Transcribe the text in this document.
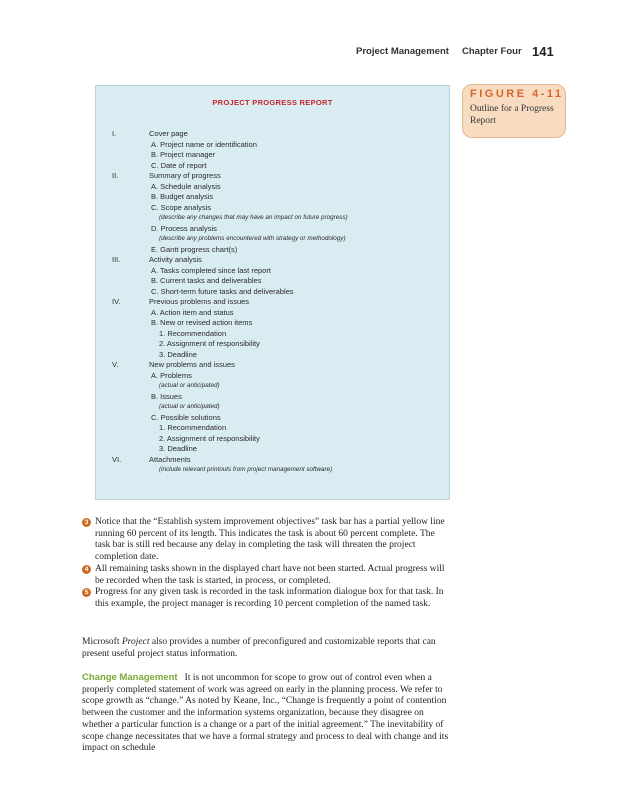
Project Management Chapter Four 141
PROJECT PROGRESS REPORT
I.	Cover page
A. Project name or identification
B. Project manager
C. Date of report
II.	Summary of progress
A. Schedule analysis
B. Budget analysis
C. Scope analysis
(describe any changes that may have an impact on future progress)
D. Process analysis
(describe any problems encountered with strategy or methodology)
E. Gantt progress chart(s)
III.	Activity analysis
A. Tasks completed since last report
B. Current tasks and deliverables
C. Short-term future tasks and deliverables
IV.	Previous problems and issues
A. Action item and status
B. New or revised action items
1. Recommendation
2. Assignment of responsibility
3. Deadline
V.	New problems and issues
A. Problems
(actual or anticipated)
B. Issues
(actual or anticipated)
C. Possible solutions
1. Recommendation
2. Assignment of responsibility
3. Deadline
VI.	Attachments
(include relevant printouts from project management software)
FIGURE 4-11
Outline for a Progress Report

3 Notice that the “Establish system improvement objectives” task bar has a partial yellow line running 60 percent of its length. This indicates the task is about 60 percent complete. The task bar is still red because any delay in completing the task will threaten the project completion date.

4 All remaining tasks shown in the displayed chart have not been started. Actual progress will be recorded when the task is started, in process, or completed.

5 Progress for any given task is recorded in the task information dialogue box for that task. In this example, the project manager is recording 10 percent completion of the named task.

Microsoft Project also provides a number of preconfigured and customizable reports that can present useful project status information.

Change Management It is not uncommon for scope to grow out of control even when a properly completed statement of work was agreed on early in the planning process. We refer to scope growth as “change.” As noted by Keane, Inc., “Change is frequently a point of contention between the customer and the information systems organization, because they disagree on whether a particular function is a change or a part of the initial agreement.” The inevitability of scope change necessitates that we have a formal strategy and process to deal with change and its impact on schedule
